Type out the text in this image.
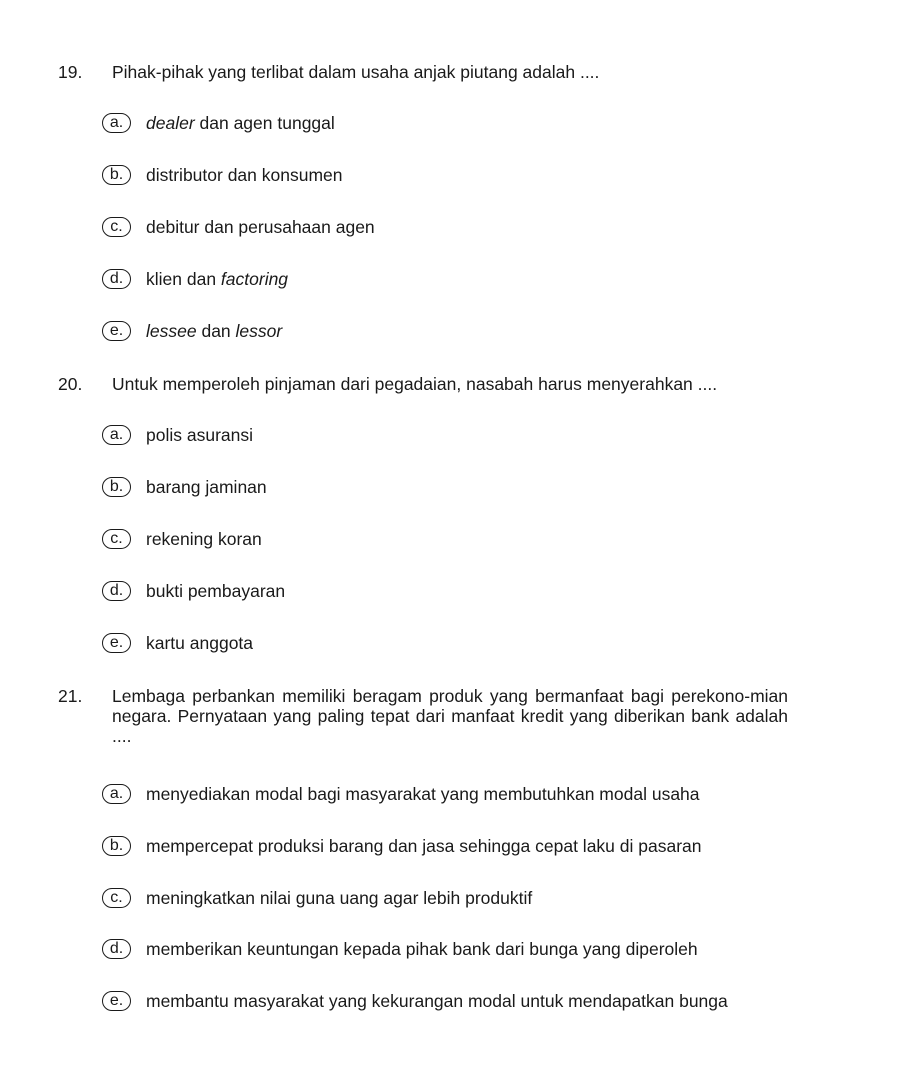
19.	Pihak-pihak yang terlibat dalam usaha anjak piutang adalah ....
a.	dealer dan agen tunggal
b.	distributor dan konsumen
c.	debitur dan perusahaan agen
d.	klien dan factoring
e.	lessee dan lessor
20.	Untuk memperoleh pinjaman dari pegadaian, nasabah harus menyerahkan ....
a.	polis asuransi
b.	barang jaminan
c.	rekening koran
d.	bukti pembayaran
e.	kartu anggota
21.	Lembaga perbankan memiliki beragam produk yang bermanfaat bagi perekono-mian negara. Pernyataan yang paling tepat dari manfaat kredit yang diberikan bank adalah ....
a.	menyediakan modal bagi masyarakat yang membutuhkan modal usaha
b.	mempercepat produksi barang dan jasa sehingga cepat laku di pasaran
c.	meningkatkan nilai guna uang agar lebih produktif
d.	memberikan keuntungan kepada pihak bank dari bunga yang diperoleh
e.	membantu masyarakat yang kekurangan modal untuk mendapatkan bunga
